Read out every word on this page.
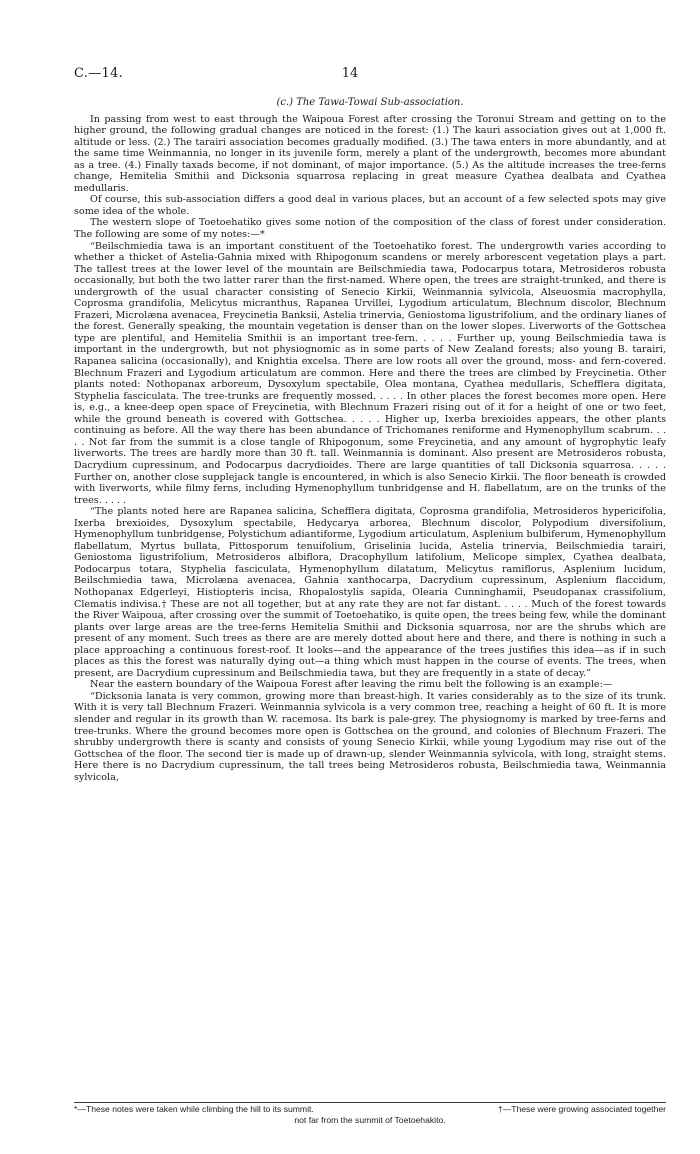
C.—14.	14

(c.) The Tawa-Towai Sub-association.

In passing from west to east through the Waipoua Forest after crossing the Toronui Stream and getting on to the higher ground, the following gradual changes are noticed in the forest: (1.) The kauri association gives out at 1,000 ft. altitude or less. (2.) The tarairi association becomes gradually modified. (3.) The tawa enters in more abundantly, and at the same time Weinmannia, no longer in its juvenile form, merely a plant of the undergrowth, becomes more abundant as a tree. (4.) Finally taxads become, if not dominant, of major importance. (5.) As the altitude increases the tree-ferns change, Hemitelia Smithii and Dicksonia squarrosa replacing in great measure Cyathea dealbata and Cyathea medullaris.

Of course, this sub-association differs a good deal in various places, but an account of a few selected spots may give some idea of the whole.

The western slope of Toetoehatiko gives some notion of the composition of the class of forest under consideration. The following are some of my notes:—*

“Beilschmiedia tawa is an important constituent of the Toetoehatiko forest. The undergrowth varies according to whether a thicket of Astelia-Gahnia mixed with Rhipogonum scandens or merely arborescent vegetation plays a part. The tallest trees at the lower level of the mountain are Beilschmiedia tawa, Podocarpus totara, Metrosideros robusta occasionally, but both the two latter rarer than the first-named. Where open, the trees are straight-trunked, and there is undergrowth of the usual character consisting of Senecio Kirkii, Weinmannia sylvicola, Alseuosmia macrophylla, Coprosma grandifolia, Melicytus micranthus, Rapanea Urvillei, Lygodium articulatum, Blechnum discolor, Blechnum Frazeri, Microlæna avenacea, Freycinetia Banksii, Astelia trinervia, Geniostoma ligustrifolium, and the ordinary lianes of the forest. Generally speaking, the mountain vegetation is denser than on the lower slopes. Liverworts of the Gottschea type are plentiful, and Hemitelia Smithii is an important tree-fern. . . . . Further up, young Beilschmiedia tawa is important in the undergrowth, but not physiognomic as in some parts of New Zealand forests; also young B. tarairi, Rapanea salicina (occasionally), and Knightia excelsa. There are low roots all over the ground, moss- and fern-covered. Blechnum Frazeri and Lygodium articulatum are common. Here and there the trees are climbed by Freycinetia. Other plants noted: Nothopanax arboreum, Dysoxylum spectabile, Olea montana, Cyathea medullaris, Schefflera digitata, Styphelia fasciculata. The tree-trunks are frequently mossed. . . . . In other places the forest becomes more open. Here is, e.g., a knee-deep open space of Freycinetia, with Blechnum Frazeri rising out of it for a height of one or two feet, while the ground beneath is covered with Gottschea. . . . . Higher up, Ixerba brexioides appears, the other plants continuing as before. All the way there has been abundance of Trichomanes reniforme and Hymenophyllum scabrum. . . . . Not far from the summit is a close tangle of Rhipogonum, some Freycinetia, and any amount of hygrophytic leafy liverworts. The trees are hardly more than 30 ft. tall. Weinmannia is dominant. Also present are Metrosideros robusta, Dacrydium cupressinum, and Podocarpus dacrydioides. There are large quantities of tall Dicksonia squarrosa. . . . . Further on, another close supplejack tangle is encountered, in which is also Senecio Kirkii. The floor beneath is crowded with liverworts, while filmy ferns, including Hymenophyllum tunbridgense and H. flabellatum, are on the trunks of the trees. . . . .

“The plants noted here are Rapanea salicina, Schefflera digitata, Coprosma grandifolia, Metrosideros hypericifolia, Ixerba brexioides, Dysoxylum spectabile, Hedycarya arborea, Blechnum discolor, Polypodium diversifolium, Hymenophyllum tunbridgense, Polystichum adiantiforme, Lygodium articulatum, Asplenium bulbiferum, Hymenophyllum flabellatum, Myrtus bullata, Pittosporum tenuifolium, Griselinia lucida, Astelia trinervia, Beilschmiedia tarairi, Geniostoma ligustrifolium, Metrosideros albiflora, Dracophyllum latifolium, Melicope simplex, Cyathea dealbata, Podocarpus totara, Styphelia fasciculata, Hymenophyllum dilatatum, Melicytus ramiflorus, Asplenium lucidum, Beilschmiedia tawa, Microlæna avenacea, Gahnia xanthocarpa, Dacrydium cupressinum, Asplenium flaccidum, Nothopanax Edgerleyi, Histiopteris incisa, Rhopalostylis sapida, Olearia Cunninghamii, Pseudopanax crassifolium, Clematis indivisa.† These are not all together, but at any rate they are not far distant. . . . . Much of the forest towards the River Waipoua, after crossing over the summit of Toetoehatiko, is quite open, the trees being few, while the dominant plants over large areas are the tree-ferns Hemitelia Smithii and Dicksonia squarrosa, nor are the shrubs which are present of any moment. Such trees as there are are merely dotted about here and there, and there is nothing in such a place approaching a continuous forest-roof. It looks—and the appearance of the trees justifies this idea—as if in such places as this the forest was naturally dying out—a thing which must happen in the course of events. The trees, when present, are Dacrydium cupressinum and Beilschmiedia tawa, but they are frequently in a state of decay.”

Near the eastern boundary of the Waipoua Forest after leaving the rimu belt the following is an example:—

“Dicksonia lanata is very common, growing more than breast-high. It varies considerably as to the size of its trunk. With it is very tall Blechnum Frazeri. Weinmannia sylvicola is a very common tree, reaching a height of 60 ft. It is more slender and regular in its growth than W. racemosa. Its bark is pale-grey. The physiognomy is marked by tree-ferns and tree-trunks. Where the ground becomes more open is Gottschea on the ground, and colonies of Blechnum Frazeri. The shrubby undergrowth there is scanty and consists of young Senecio Kirkii, while young Lygodium may rise out of the Gottschea of the floor. The second tier is made up of drawn-up, slender Weinmannia sylvicola, with long, straight stems. Here there is no Dacrydium cupressinum, the tall trees being Metrosideros robusta, Beilschmiedia tawa, Weinmannia sylvicola,

*—These notes were taken while climbing the hill to its summit.	†—These were growing associated together
not far from the summit of Toetoehakito.
